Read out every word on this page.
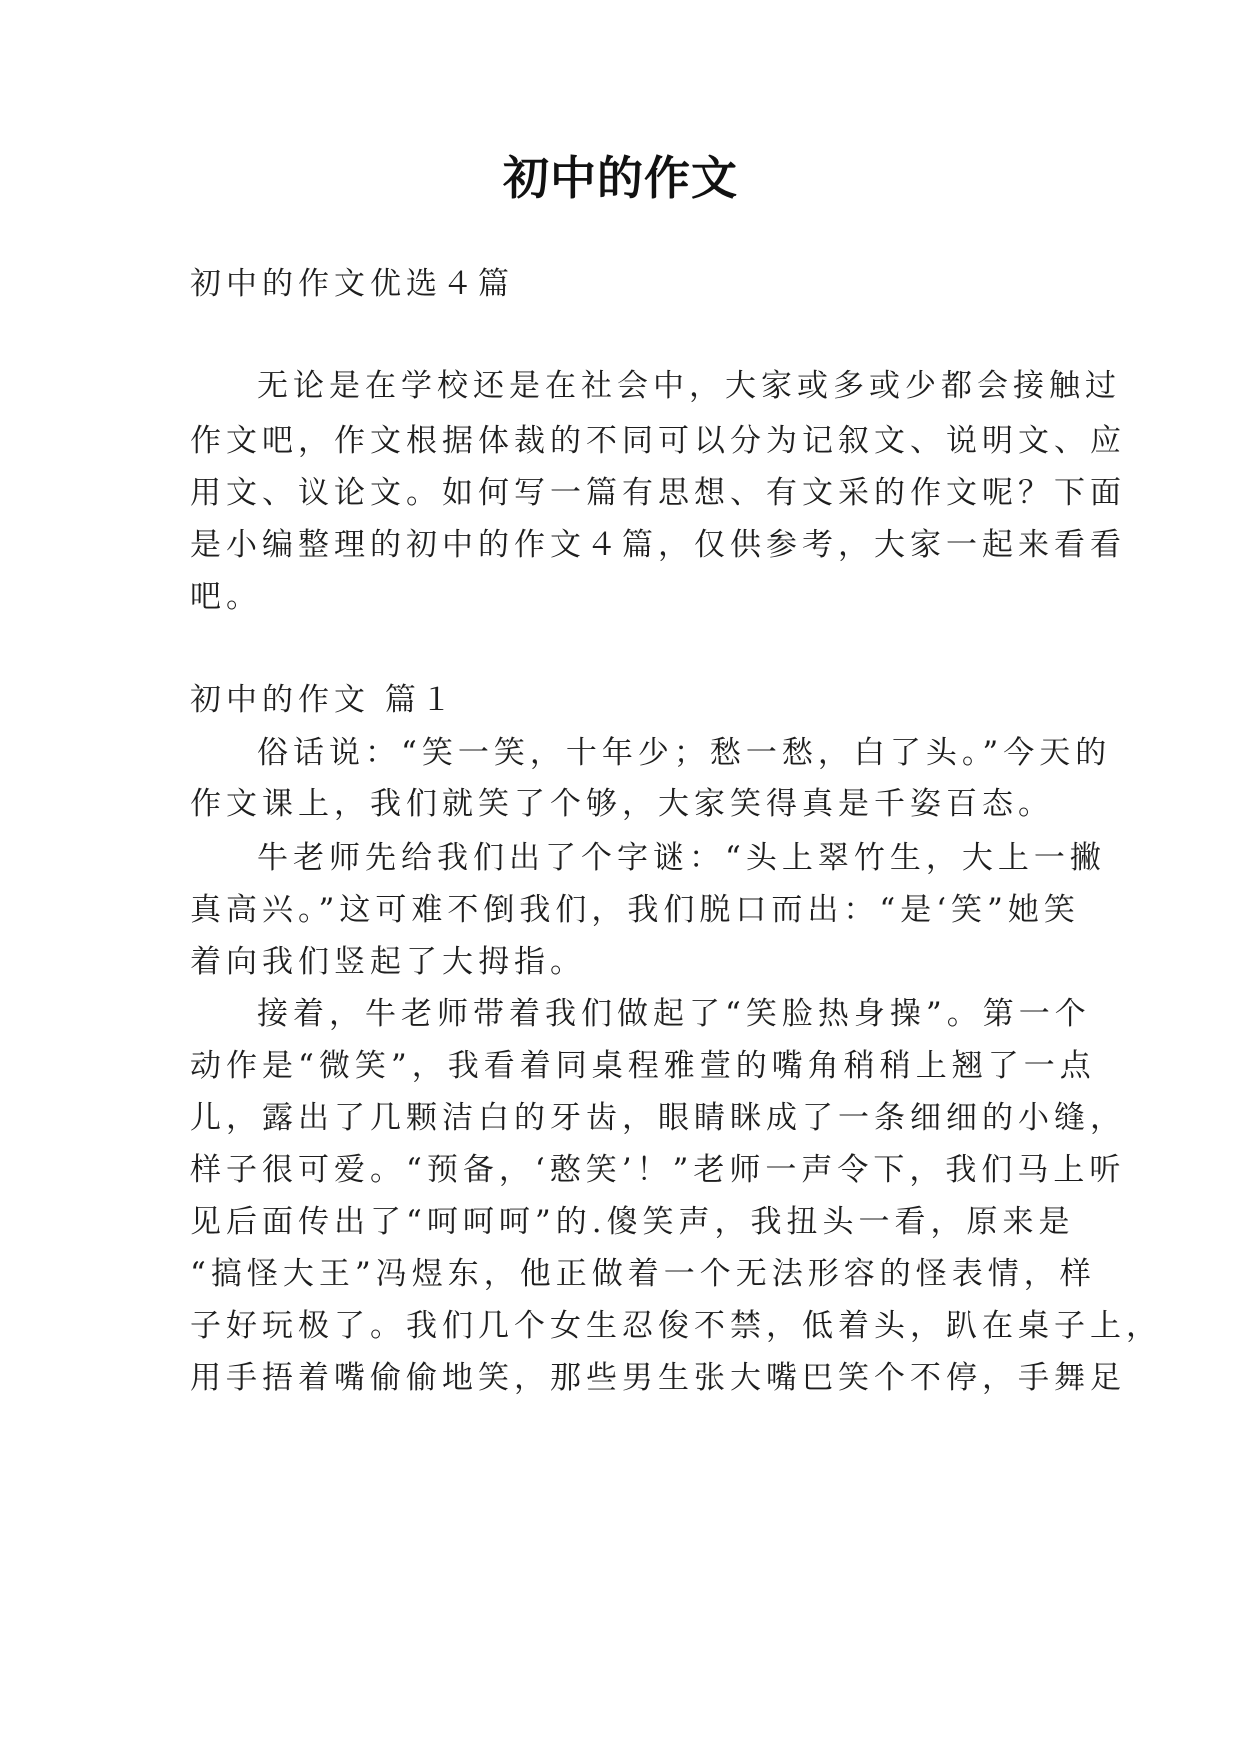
初中的作文
初中的作文优选４篇
无论是在学校还是在社会中，大家或多或少都会接触过
作文吧，作文根据体裁的不同可以分为记叙文、说明文、应
用文、议论文。如何写一篇有思想、有文采的作文呢？下面
是小编整理的初中的作文４篇，仅供参考，大家一起来看看
吧。
初中的作文 篇１
俗话说：“笑一笑，十年少；愁一愁，白了头。”今天的
作文课上，我们就笑了个够，大家笑得真是千姿百态。
牛老师先给我们出了个字谜：“头上翠竹生，大上一撇
真高兴。”这可难不倒我们，我们脱口而出：“是‘笑”她笑
着向我们竖起了大拇指。
接着，牛老师带着我们做起了“笑脸热身操”。第一个
动作是“微笑”，我看着同桌程雅萱的嘴角稍稍上翘了一点
儿，露出了几颗洁白的牙齿，眼睛眯成了一条细细的小缝，
样子很可爱。“预备，‘憨笑’！”老师一声令下，我们马上听
见后面传出了“呵呵呵”的.傻笑声，我扭头一看，原来是
“搞怪大王”冯煜东，他正做着一个无法形容的怪表情，样
子好玩极了。我们几个女生忍俊不禁，低着头，趴在桌子上，
用手捂着嘴偷偷地笑，那些男生张大嘴巴笑个不停，手舞足
